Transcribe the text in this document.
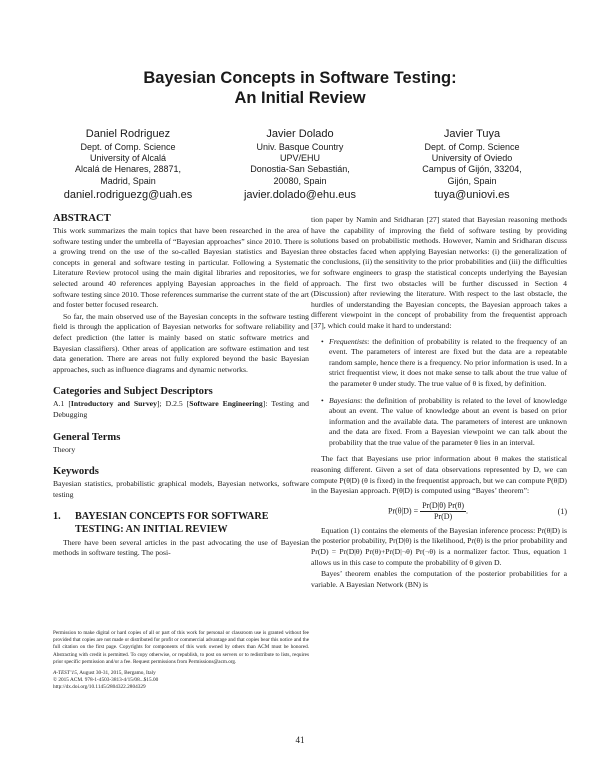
Bayesian Concepts in Software Testing:
An Initial Review
Daniel Rodriguez
Dept. of Comp. Science
University of Alcalá
Alcalá de Henares, 28871,
Madrid, Spain
daniel.rodriguezg@uah.es
Javier Dolado
Univ. Basque Country
UPV/EHU
Donostia-San Sebastián,
20080, Spain
javier.dolado@ehu.eus
Javier Tuya
Dept. of Comp. Science
University of Oviedo
Campus of Gijón, 33204,
Gijón, Spain
tuya@uniovi.es
ABSTRACT

This work summarizes the main topics that have been researched in the area of software testing under the umbrella of “Bayesian approaches” since 2010. There is a growing trend on the use of the so-called Bayesian statistics and Bayesian concepts in general and software testing in particular. Following a Systematic Literature Review protocol using the main digital libraries and repositories, we selected around 40 references applying Bayesian approaches in the field of software testing since 2010. Those references summarise the current state of the art and foster better focused research.

So far, the main observed use of the Bayesian concepts in the software testing field is through the application of Bayesian networks for software reliability and defect prediction (the latter is mainly based on static software metrics and Bayesian classifiers). Other areas of application are software estimation and test data generation. There are areas not fully explored beyond the basic Bayesian approaches, such as influence diagrams and dynamic networks.

Categories and Subject Descriptors

A.1 [Introductory and Survey]; D.2.5 [Software Engineering]: Testing and Debugging

General Terms

Theory

Keywords

Bayesian statistics, probabilistic graphical models, Bayesian networks, software testing

1.	BAYESIAN CONCEPTS FOR SOFTWARE TESTING: AN INITIAL REVIEW

There have been several articles in the past advocating the use of Bayesian methods in software testing. The posi-

Permission to make digital or hard copies of all or part of this work for personal or classroom use is granted without fee provided that copies are not made or distributed for profit or commercial advantage and that copies bear this notice and the full citation on the first page. Copyrights for components of this work owned by others than ACM must be honored. Abstracting with credit is permitted. To copy otherwise, or republish, to post on servers or to redistribute to lists, requires prior specific permission and/or a fee. Request permissions from Permissions@acm.org.

A-TEST’15, August 30-31, 2015, Bergamo, Italy
© 2015 ACM. 978-1-4503-3813-4/15/08...$15.00
http://dx.doi.org/10.1145/2804322.2804329

tion paper by Namin and Sridharan [27] stated that Bayesian reasoning methods have the capability of improving the field of software testing by providing solutions based on probabilistic methods. However, Namin and Sridharan discuss three obstacles faced when applying Bayesian networks: (i) the generalization of the conclusions, (ii) the sensitivity to the prior probabilities and (iii) the difficulties for software engineers to grasp the statistical concepts underlying the Bayesian approach. The first two obstacles will be further discussed in Section 4 (Discussion) after reviewing the literature. With respect to the last obstacle, the hurdles of understanding the Bayesian concepts, the Bayesian approach takes a different viewpoint in the concept of probability from the frequentist approach [37], which could make it hard to understand:

• Frequentists: the definition of probability is related to the frequency of an event. The parameters of interest are fixed but the data are a repeatable random sample, hence there is a frequency. No prior information is used. In a strict frequentist view, it does not make sense to talk about the true value of the parameter θ under study. The true value of θ is fixed, by definition.
• Bayesians: the definition of probability is related to the level of knowledge about an event. The value of knowledge about an event is based on prior information and the available data. The parameters of interest are unknown and the data are fixed. From a Bayesian viewpoint we can talk about the probability that the true value of the parameter θ lies in an interval.

The fact that Bayesians use prior information about θ makes the statistical reasoning different. Given a set of data observations represented by D, we can compute P(θ|D) (θ is fixed) in the frequentist approach, but we can compute P(θ|D) in the Bayesian approach. P(θ|D) is computed using “Bayes’ theorem”:

$Pr(\theta|D) = \frac{Pr(D|\theta) Pr(\theta)}{Pr(D)}$ .	(1)

Equation (1) contains the elements of the Bayesian inference process: Pr(θ|D) is the posterior probability, Pr(D|θ) is the likelihood, Pr(θ) is the prior probability and Pr(D) = Pr(D|θ) Pr(θ)+Pr(D|¬θ) Pr(¬θ) is a normalizer factor. Thus, equation 1 allows us in this case to compute the probability of θ given D.

Bayes’ theorem enables the computation of the posterior probabilities for a variable. A Bayesian Network (BN) is

41
